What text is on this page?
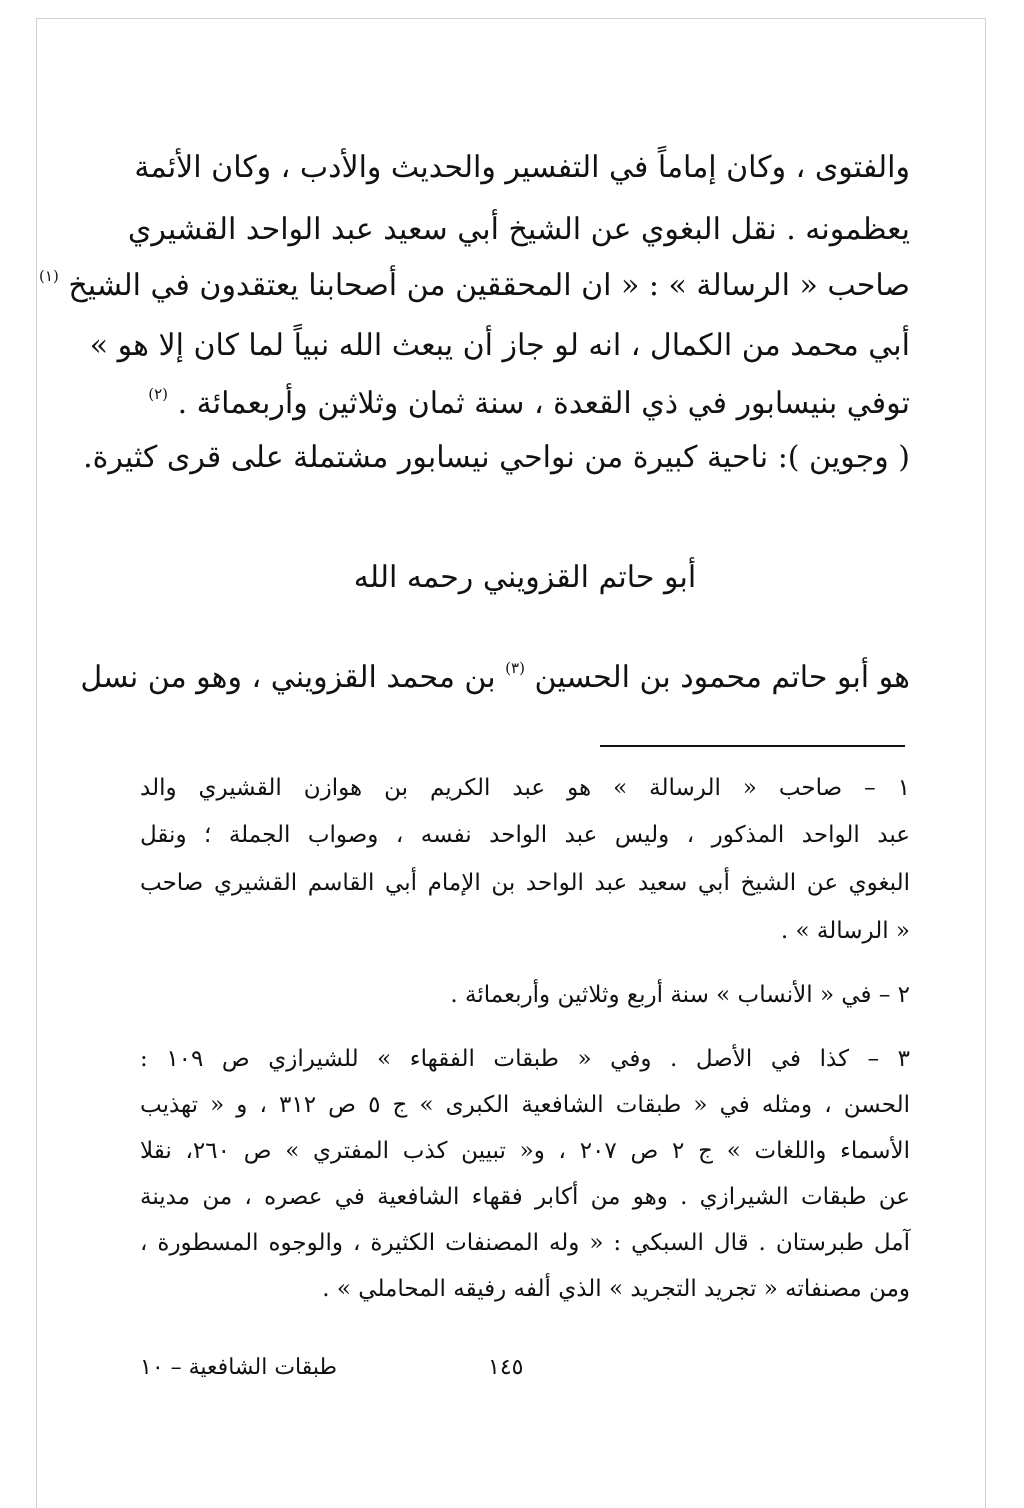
والفتوى ، وكان إماماً في التفسير والحديث والأدب ، وكان الأئمة
يعظمونه . نقل البغوي عن الشيخ أبي سعيد عبد الواحد القشيري
صاحب « الرسالة » : « ان المحققين من أصحابنا يعتقدون في الشيخ $^{(١)}$
أبي محمد من الكمال ، انه لو جاز أن يبعث الله نبياً لما كان إلا هو »
توفي بنيسابور في ذي القعدة ، سنة ثمان وثلاثين وأربعمائة . $^{(٢)}$
( وجوين ): ناحية كبيرة من نواحي نيسابور مشتملة على قرى كثيرة.
أبو حاتم القزويني رحمه الله
هو أبو حاتم محمود بن الحسين $^{(٣)}$ بن محمد القزويني ، وهو من نسل
١ – صاحب « الرسالة » هو عبد الكريم بن هوازن القشيري والد
عبد الواحد المذكور ، وليس عبد الواحد نفسه ، وصواب الجملة ؛ ونقل
البغوي عن الشيخ أبي سعيد عبد الواحد بن الإمام أبي القاسم القشيري صاحب
« الرسالة » .
٢ – في « الأنساب » سنة أربع وثلاثين وأربعمائة .
٣ – كذا في الأصل . وفي « طبقات الفقهاء » للشيرازي ص ١٠٩ :
الحسن ، ومثله في « طبقات الشافعية الكبرى » ج ٥ ص ٣١٢ ، و « تهذيب
الأسماء واللغات » ج ٢ ص ٢٠٧ ، و« تبيين كذب المفتري » ص ٢٦٠، نقلا
عن طبقات الشيرازي . وهو من أكابر فقهاء الشافعية في عصره ، من مدينة
آمل طبرستان . قال السبكي : « وله المصنفات الكثيرة ، والوجوه المسطورة ،
ومن مصنفاته « تجريد التجريد » الذي ألفه رفيقه المحاملي » .
١٤٥
طبقات الشافعية – ١٠
